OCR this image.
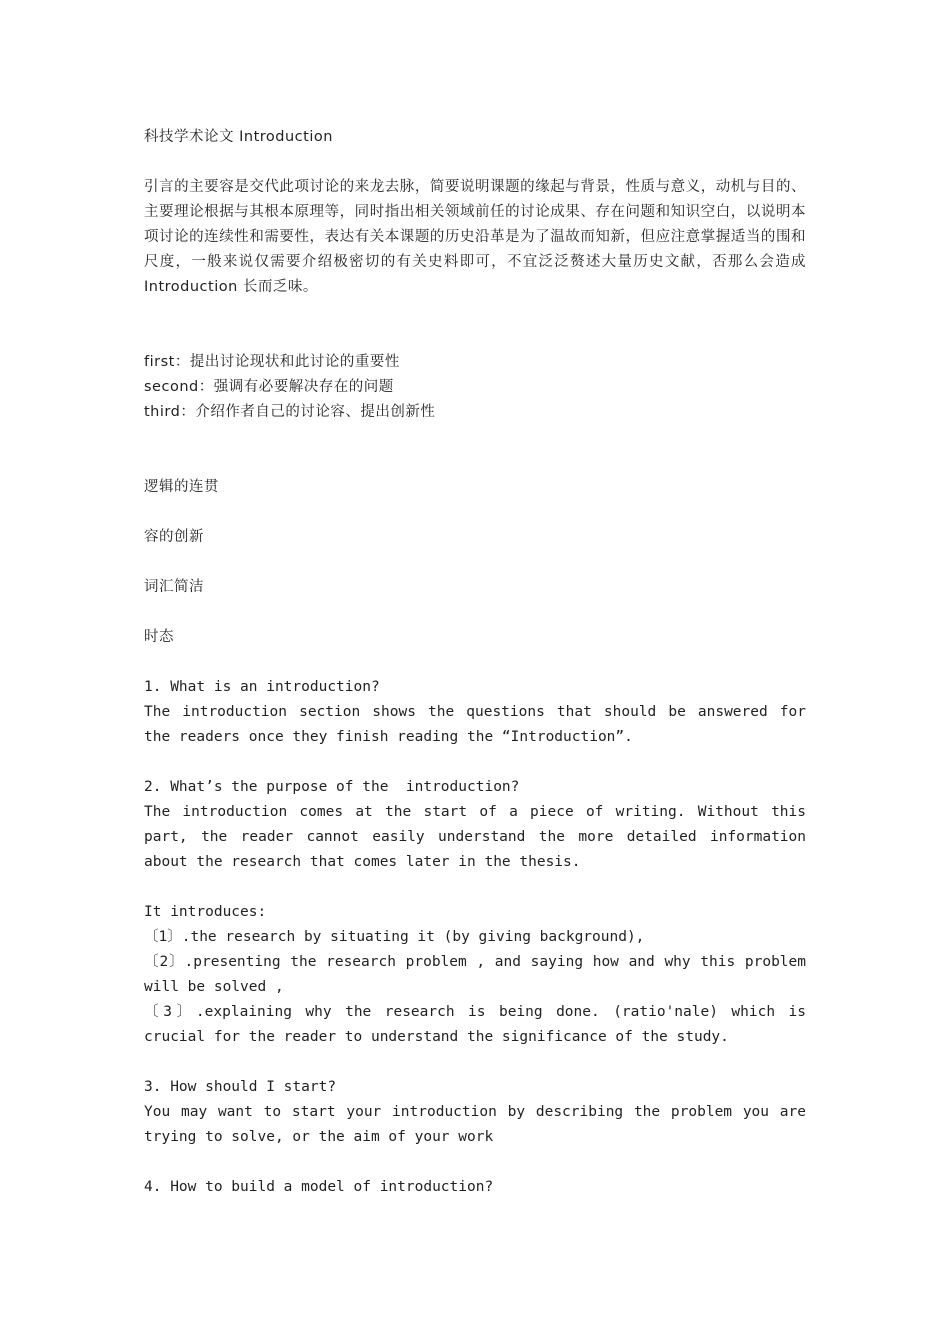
科技学术论文 Introduction
引言的主要容是交代此项讨论的来龙去脉，简要说明课题的缘起与背景，性质与意义，动机与目的、主要理论根据与其根本原理等，同时指出相关领域前任的讨论成果、存在问题和知识空白，以说明本项讨论的连续性和需要性，表达有关本课题的历史沿革是为了温故而知新，但应注意掌握适当的围和尺度，一般来说仅需要介绍极密切的有关史料即可，不宜泛泛赘述大量历史文献，否那么会造成 Introduction 长而乏味。
first：提出讨论现状和此讨论的重要性
second：强调有必要解决存在的问题
third：介绍作者自己的讨论容、提出创新性
逻辑的连贯
容的创新
词汇简洁
时态
1. What is an introduction?
The introduction section shows the questions that should be answered for the readers once they finish reading the “Introduction”.
2. What’s the purpose of the  introduction?
The introduction comes at the start of a piece of writing. Without this part, the reader cannot easily understand the more detailed information about the research that comes later in the thesis.
It introduces:
〔1〕.the research by situating it (by giving background),
〔2〕.presenting the research problem , and saying how and why this problem will be solved ,
〔3〕.explaining why the research is being done. (ratio'nale) which is crucial for the reader to understand the significance of the study.
3. How should I start?
You may want to start your introduction by describing the problem you are trying to solve, or the aim of your work
4. How to build a model of introduction?
